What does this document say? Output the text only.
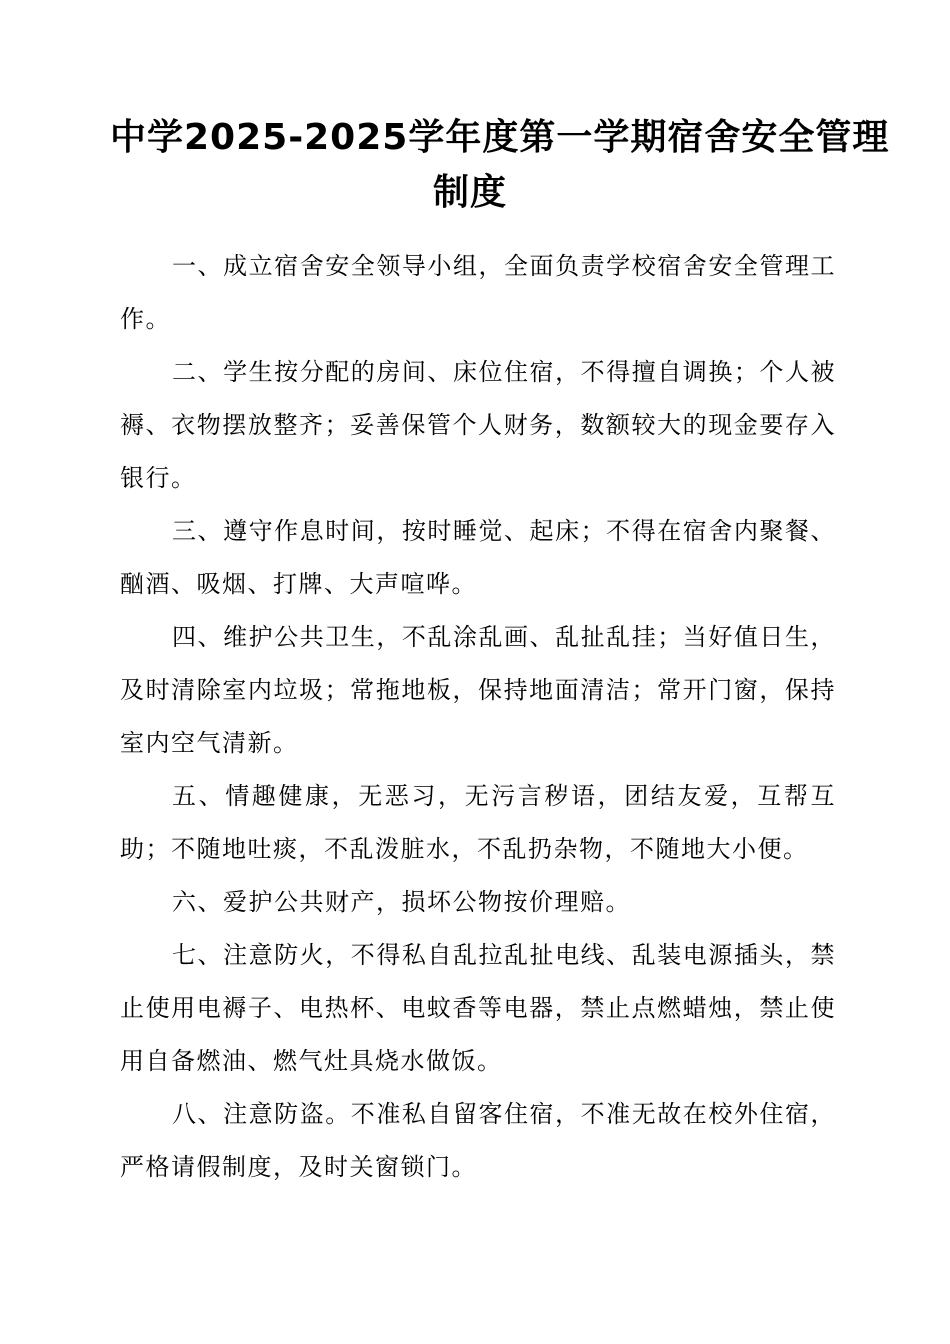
中学2025-2025学年度第一学期宿舍安全管理
制度

一、成立宿舍安全领导小组，全面负责学校宿舍安全管理工作。

二、学生按分配的房间、床位住宿，不得擅自调换；个人被褥、衣物摆放整齐；妥善保管个人财务，数额较大的现金要存入银行。

三、遵守作息时间，按时睡觉、起床；不得在宿舍内聚餐、酗酒、吸烟、打牌、大声喧哗。

四、维护公共卫生，不乱涂乱画、乱扯乱挂；当好值日生，及时清除室内垃圾；常拖地板，保持地面清洁；常开门窗，保持室内空气清新。

五、情趣健康，无恶习，无污言秽语，团结友爱，互帮互助；不随地吐痰，不乱泼脏水，不乱扔杂物，不随地大小便。

六、爱护公共财产，损坏公物按价理赔。

七、注意防火，不得私自乱拉乱扯电线、乱装电源插头，禁止使用电褥子、电热杯、电蚊香等电器，禁止点燃蜡烛，禁止使用自备燃油、燃气灶具烧水做饭。

八、注意防盗。不准私自留客住宿，不准无故在校外住宿，严格请假制度，及时关窗锁门。
